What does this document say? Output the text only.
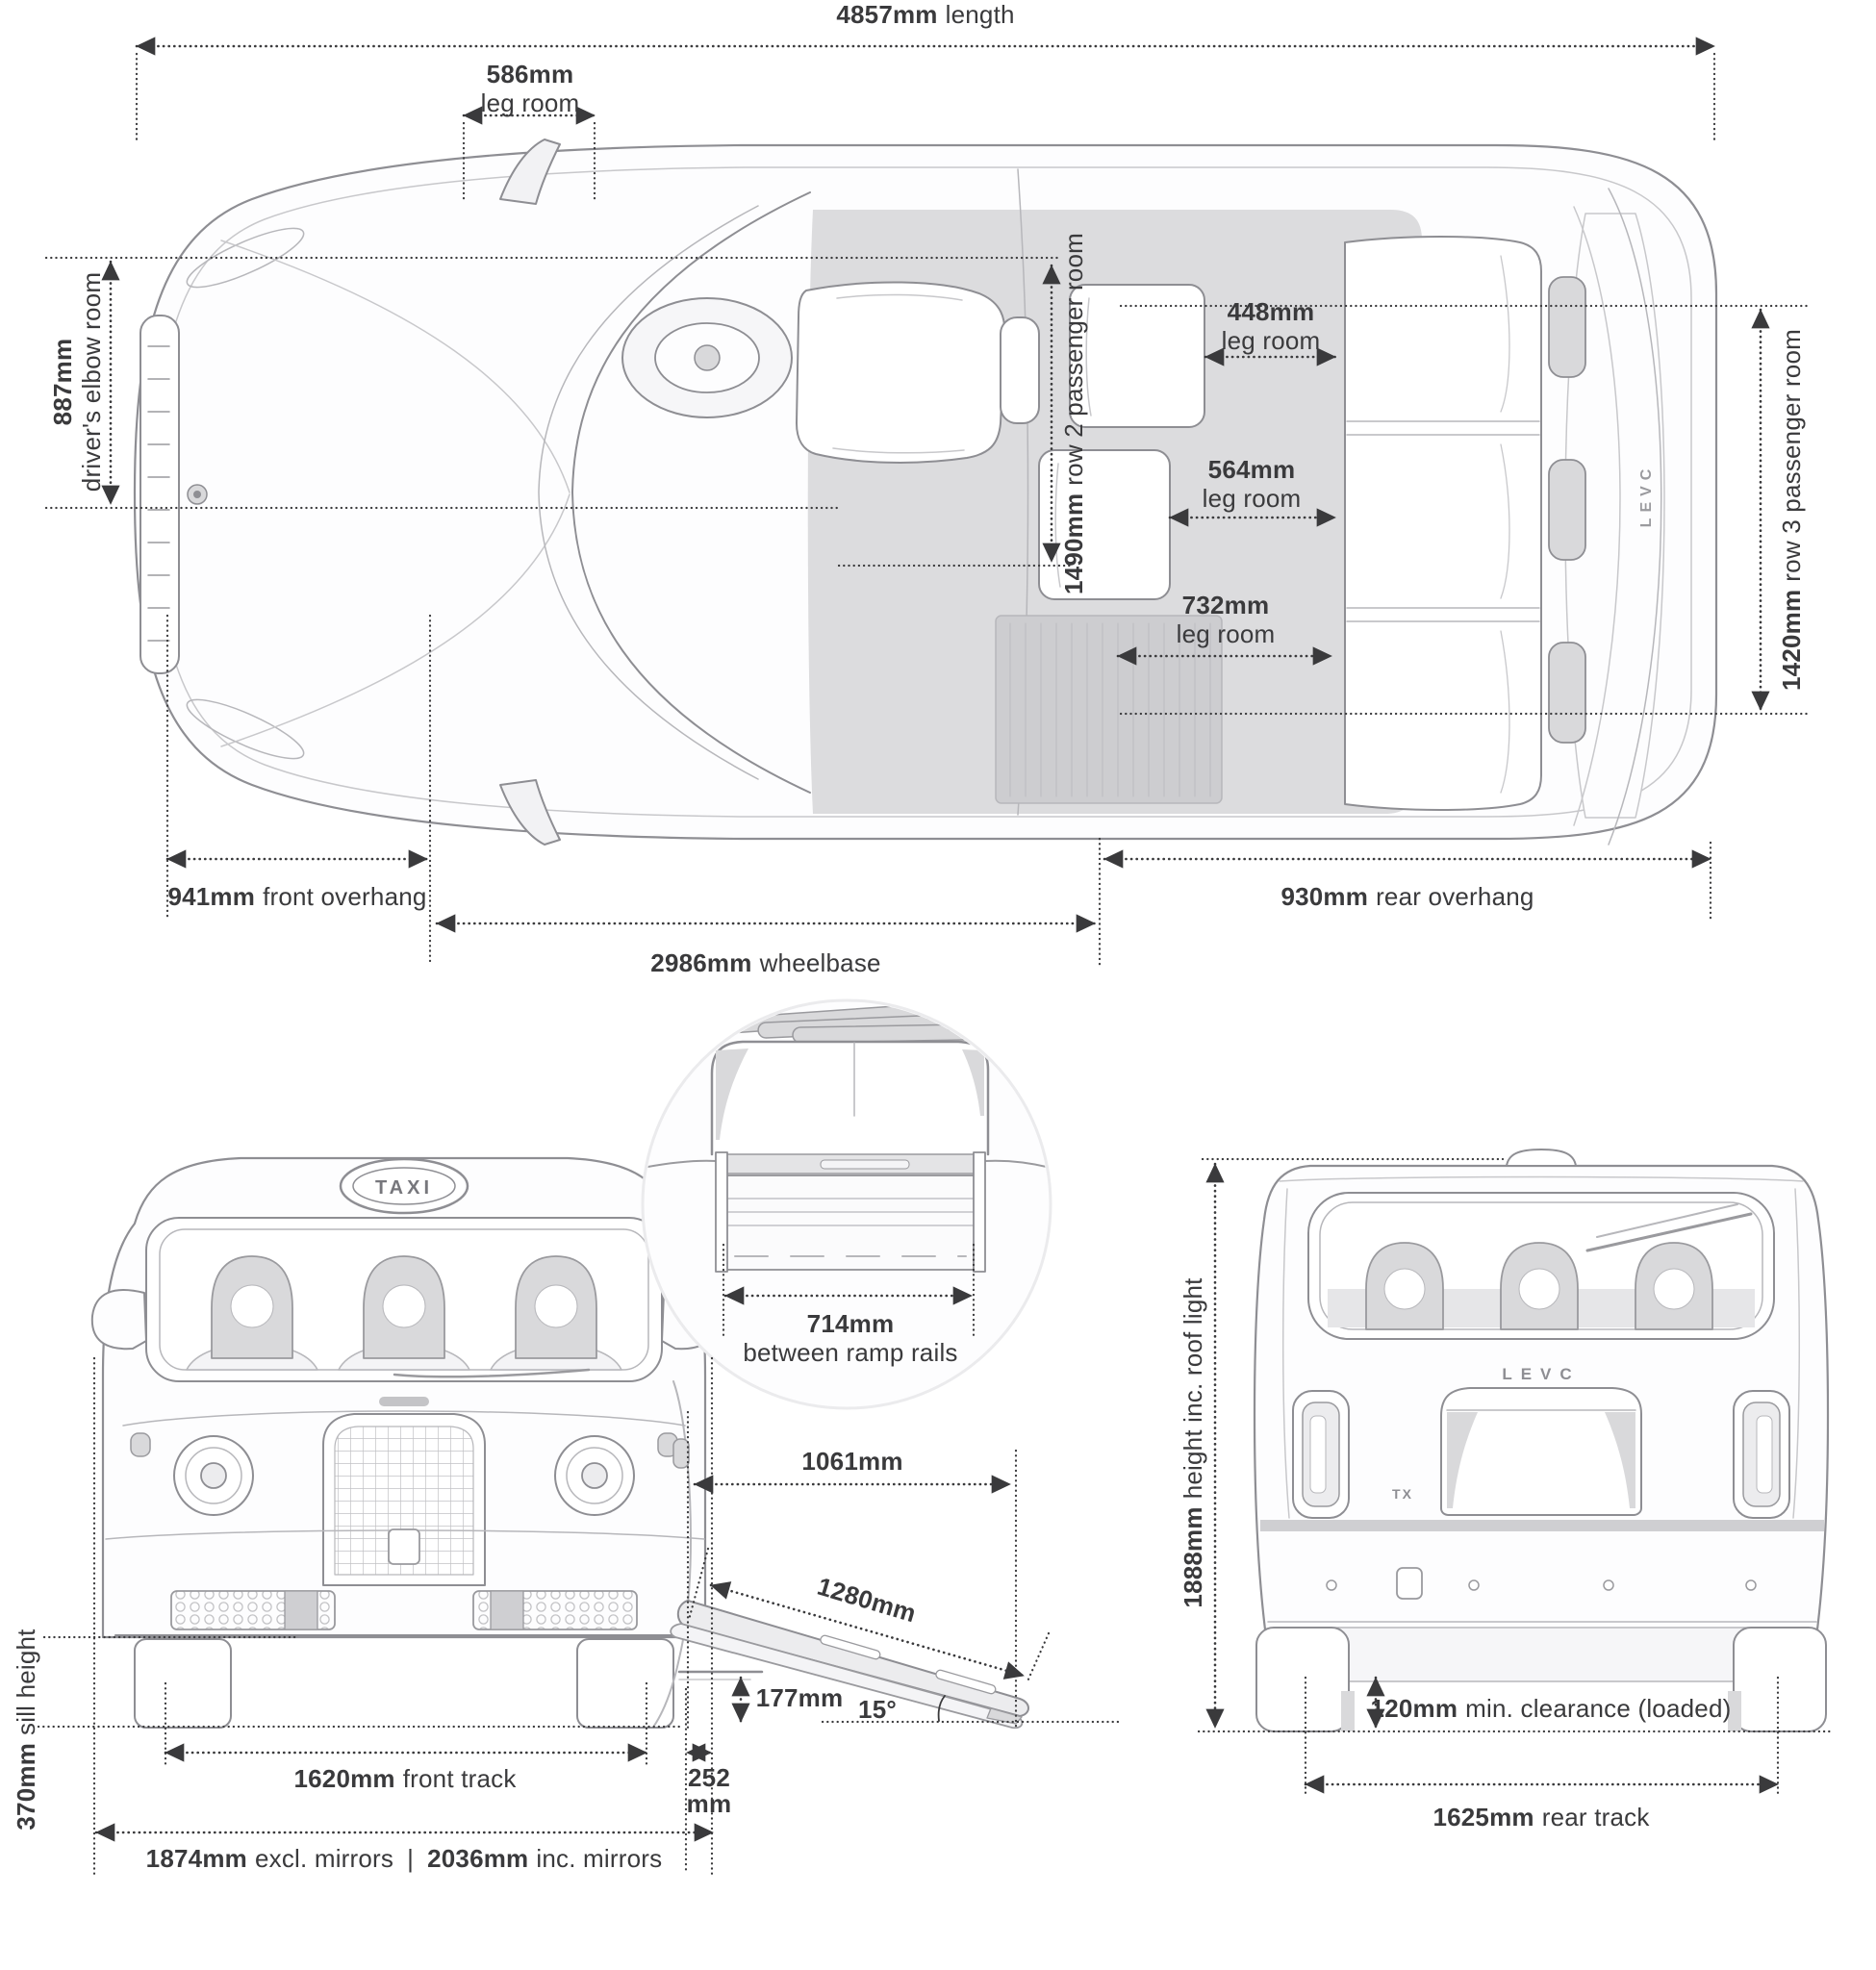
LEVC
TAXI
LEVC
TX
4857mm length
586mm
leg room
887mm driver's elbow room
1490mmrow 2 passenger room	448mm
leg room
564mm
leg room
732mm
leg room	1420mmrow 3 passenger room
941mm front overhang
2986mm wheelbase
930mm rear overhang
714mm
between ramp rails
1061mm
1280mm
177mm 15°
370mmsill height
1620mm front track	252
mm
1874mm excl. mirrors | 2036mm inc. mirrors
1888mmheight inc. roof light
120mm min. clearance (loaded)
1625mm rear track
